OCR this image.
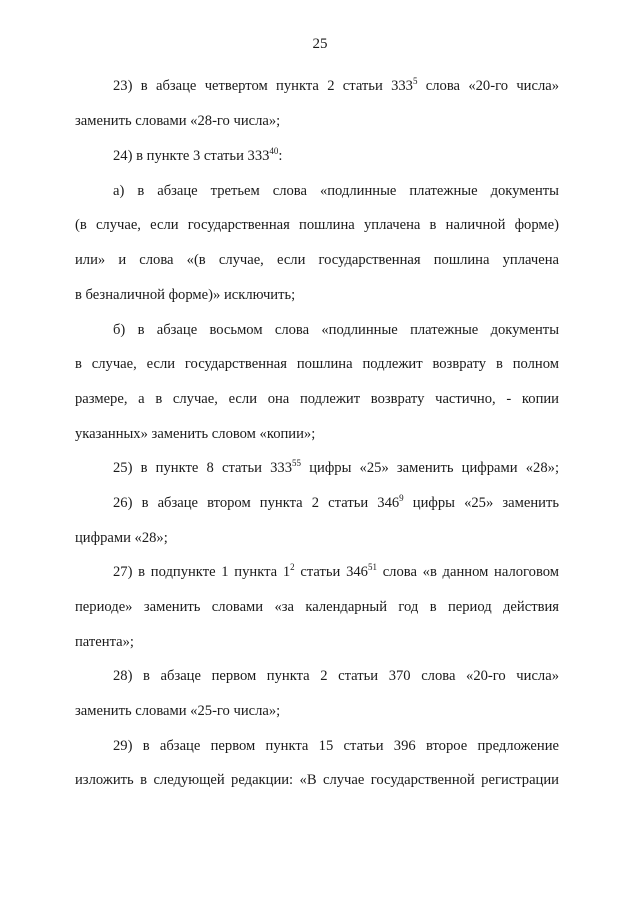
25
23) в абзаце четвертом пункта 2 статьи $333^5$ слова «20-го числа»
заменить словами «28-го числа»;
24) в пункте 3 статьи $333^{40}$:
а) в абзаце третьем слова «подлинные платежные документы
(в случае, если государственная пошлина уплачена в наличной форме)
или» и слова «(в случае, если государственная пошлина уплачена
в безналичной форме)» исключить;
б) в абзаце восьмом слова «подлинные платежные документы
в случае, если государственная пошлина подлежит возврату в полном
размере, а в случае, если она подлежит возврату частично, - копии
указанных» заменить словом «копии»;
25) в пункте 8 статьи $333^{55}$ цифры «25» заменить цифрами «28»;
26) в абзаце втором пункта 2 статьи $346^9$ цифры «25» заменить
цифрами «28»;
27) в подпункте 1 пункта $1^2$ статьи $346^{51}$ слова «в данном налоговом
периоде» заменить словами «за календарный год в период действия
патента»;
28) в абзаце первом пункта 2 статьи 370 слова «20-го числа»
заменить словами «25-го числа»;
29) в абзаце первом пункта 15 статьи 396 второе предложение
изложить в следующей редакции: «В случае государственной регистрации
